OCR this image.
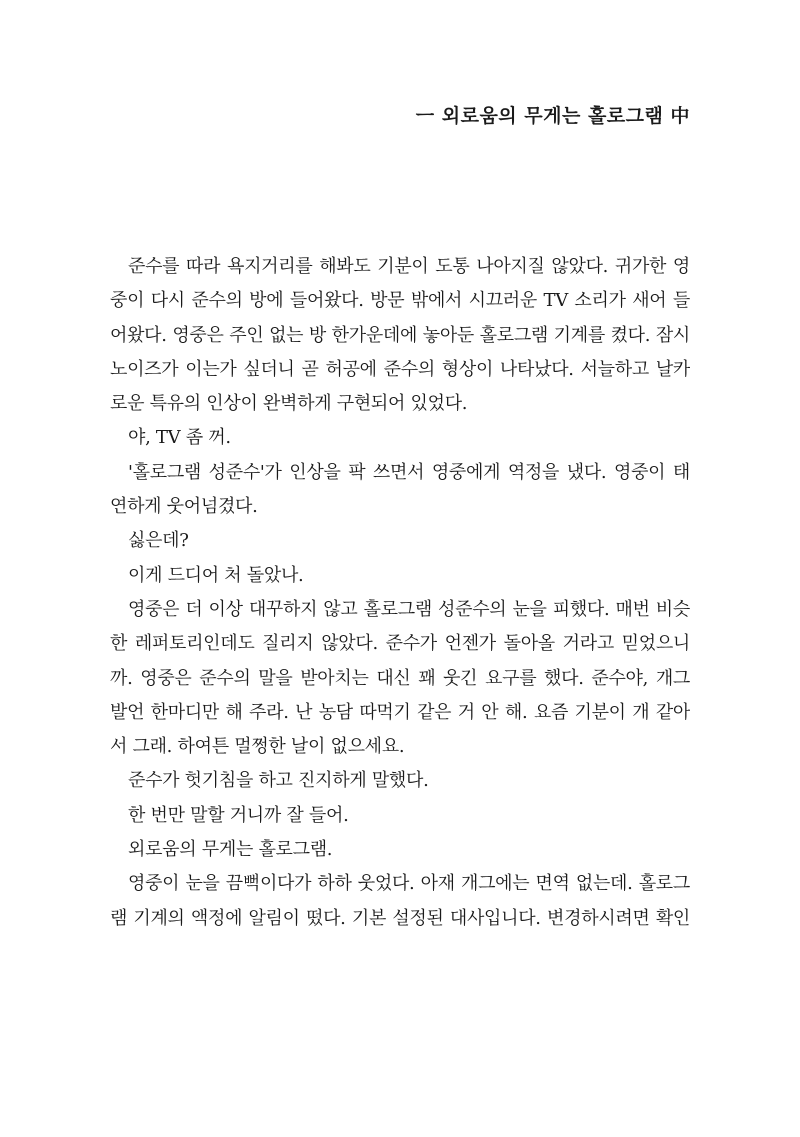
ㅡ 외로움의 무게는 홀로그램 中
준수를 따라 욕지거리를 해봐도 기분이 도통 나아지질 않았다. 귀가한 영
중이 다시 준수의 방에 들어왔다. 방문 밖에서 시끄러운 TV 소리가 새어 들
어왔다. 영중은 주인 없는 방 한가운데에 놓아둔 홀로그램 기계를 켰다. 잠시
노이즈가 이는가 싶더니 곧 허공에 준수의 형상이 나타났다. 서늘하고 날카
로운 특유의 인상이 완벽하게 구현되어 있었다.
야, TV 좀 꺼.
'홀로그램 성준수'가 인상을 팍 쓰면서 영중에게 역정을 냈다. 영중이 태
연하게 웃어넘겼다.
싫은데?
이게 드디어 처 돌았나.
영중은 더 이상 대꾸하지 않고 홀로그램 성준수의 눈을 피했다. 매번 비슷
한 레퍼토리인데도 질리지 않았다. 준수가 언젠가 돌아올 거라고 믿었으니
까. 영중은 준수의 말을 받아치는 대신 꽤 웃긴 요구를 했다. 준수야, 개그
발언 한마디만 해 주라. 난 농담 따먹기 같은 거 안 해. 요즘 기분이 개 같아
서 그래. 하여튼 멀쩡한 날이 없으세요.
준수가 헛기침을 하고 진지하게 말했다.
한 번만 말할 거니까 잘 들어.
외로움의 무게는 홀로그램.
영중이 눈을 끔뻑이다가 하하 웃었다. 아재 개그에는 면역 없는데. 홀로그
램 기계의 액정에 알림이 떴다. 기본 설정된 대사입니다. 변경하시려면 확인
